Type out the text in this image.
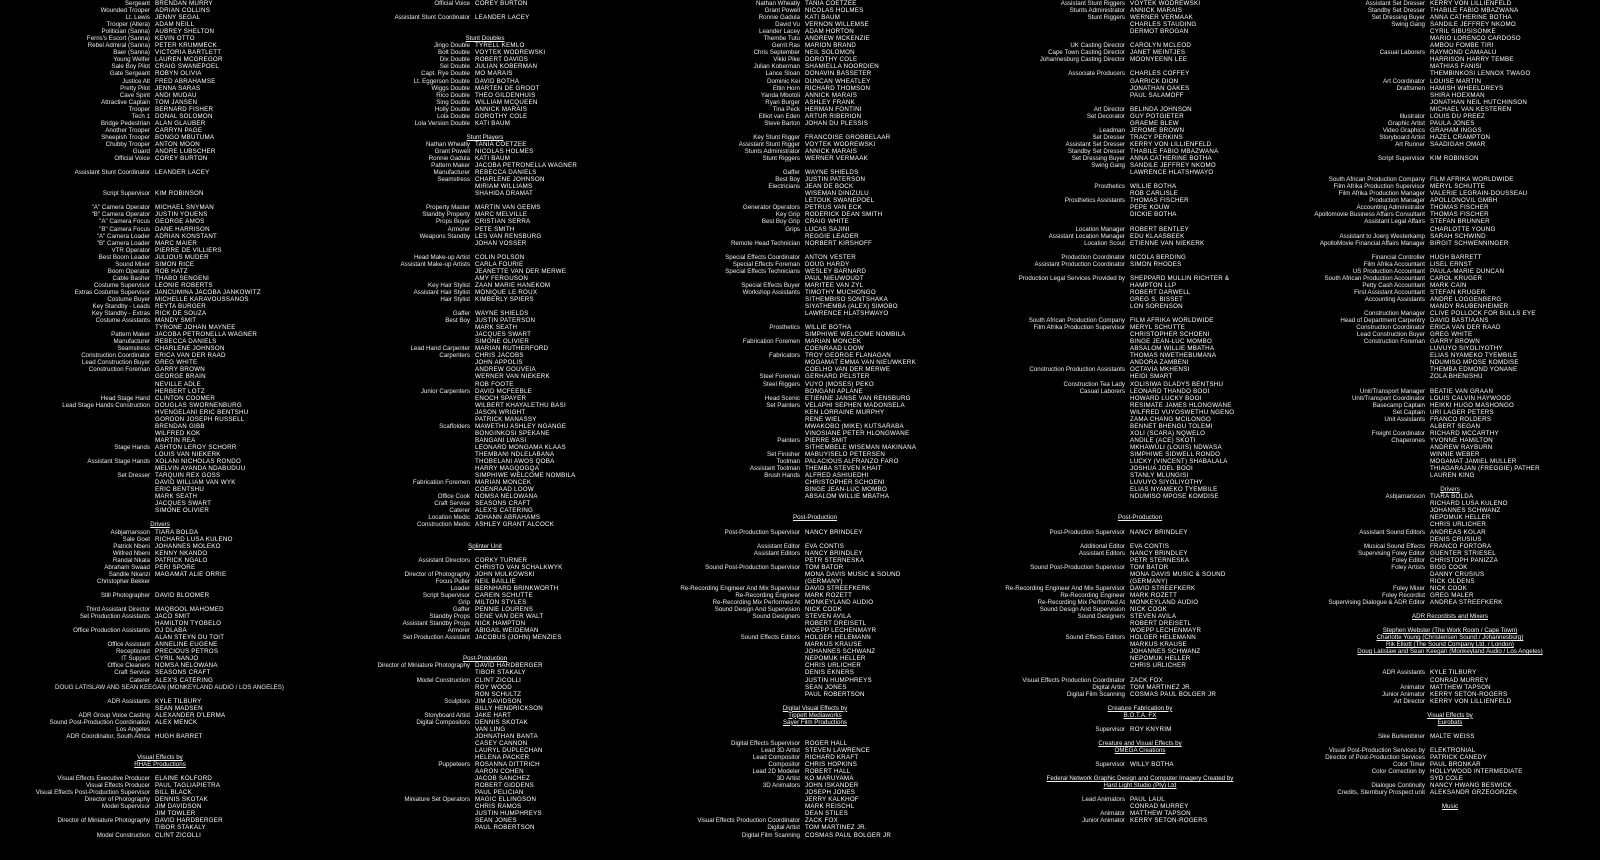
Sergeant BRENDAN MURRY
Wounded Trooper ADRIAN COLLINS
Lt. Lewis JENNY SEGAL
Trooper (Altera) ADAM NEILL
Politician (Sanna) AUBREY SHELTON
Ferris's Escort (Sanna) KEVIN OTTO
Rebel Admiral (Sanna) PETER KRUMMECK
Baer (Sanna) VICTORIA BARTLETT
Young Welfer LAUREN MCGREGOR
Sale Boy Pilot CRAIG SWANEPOEL
Gate Sergeant ROBYN OLIVIA
Justice Alt FRED ABRAHAMSE
Pretty Pilot JENNA SARAS
Cave Spirit ANDI MUDAU
Attractive Captain TOM JANSEN
Trooper BERNARD FISHER
Tech 1 DONAL SOLOMON
Bridge Pedestrian ALAN GLAUBER
Another Trooper CARRYN PAGE
Sheepish Trooper BONGO MBUTUMA
Chubby Trooper ANTON MOON
Guard ANDRE LUBSCHER
Official Voice COREY BURTON
Assistant Stunt Coordinator LEANDER LACEY
Script Supervisor KIM ROBINSON
"A" Camera Operator MICHAEL SNYMAN
"B" Camera Operator JUSTIN YOUENS
"A" Camera Focus GEORGE AMOS
"B" Camera Focus DANE HARRISON
"A" Camera Loader ADRIAN KONSTANT
"B" Camera Loader MARC MAIER
VTR Operator PIERRE DE VILLIERS
Best Boom Leader JULIOUS MUDER
Sound Mixer SIMON RICE
Boom Operator ROB HATZ
Cable Basher THABO SENGENI
Costume Supervisor LEONIE ROBERTS
Extras Costume Supervisor JANCUMINA JACOBA JANKOWITZ
Costume Buyer MICHELLE KARAVOUSSANOS
Key Standby - Leads REYTA BURGER
Key Standby - Extras RICK DE SOUZA
Costume Assistants MANDY SMIT
TYRONE JOHAN MAYNEE
Pattern Maker JACOBA PETRONELLA WAGNER
Manufacturer REBECCA DANIELS
Seamstress CHARLENE JOHNSON
Construction Coordinator ERICA VAN DER RAAD
Lead Construction Buyer GREG WHITE
Construction Foreman GARRY BROWN
GEORGE BRAIN
NEVILLE ADLE
HERBERT LOTZ
Head Stage Hand CLINTON COOMER
Lead Stage Hands Construction DOUGLAS SWORNENBURG
HVENGELANI ERIC BENTSHU
GORDON JOSEPH RUSSELL
BRENDAN GIBB
WILFRED KOK
MARTIN REA
Stage Hands ASHTON LEROY SCHORR
LOUIS VAN NIEKERK
Assistant Stage Hands XOLANI NICHOLAS RONDO
MELVIN AYANDA NDABUDUU
Set Dresser TARQUIN REX GOSS
DAVID WILLIAM VAN WYK
ERIC BENTSHU
MARK SEATH
JACQUES SWART
SIMONE OLIVIER
Drivers
Asbjarnarsson TIARA BOLDA
Sale Goet RICHARD LUSA KULENO
Patrick Nbeni JOHANNES MOLEKO
Wilfred Nbeni KENNY NKANDO
Randal Nkala PATRICK NGALO
Abraham Swaad PERI SPORE
Sandile Nkanzi MAGAMAT ALIE ORRIE
Christopher Bekker
Still Photographer DAVID BLOOMER
Third Assistant Director MAQBOOL MAHOMED
Set Production Assistants JACO SMIT
HAMILTON TYOBELO
Office Production Assistants OJ DLABA
ALAN STEYN DU TOIT
Office Assistant ANNELINE EUGENE
Receptionist PRECIOUS PETROS
IT Support CYRIL NANJO
Office Cleaners NOMSA NELOWANA
Craft Service SEASONS CRAFT
Caterer ALEX'S CATERING
DOUG LATISLAW AND SEAN KEEGAN (MONKEYLAND AUDIO / LOS ANGELES)
ADR Assistants KYLE TILBURY
SEAN MADSEN
ADR Group Voice Casting ALEXANDER D'LERMA
Sound Post-Production Coordination ALEX MENCK
Los Angeles
ADR Coordinator, South Africa HUGH BARRET
Visual Effects by
RHAE Productions
Visual Effects Executive Producer ELAINE KOLFORD
Visual Effects Producer PAUL TAGLIAPIETRA
Visual Effects Post-Production Supervisor BILL BLACK
Director of Photography DENNIS SKOTAK
Model Supervisor JIM DAVIDSON
JIM TOWLER
Director of Miniature Photography DAVID HARDBERGER
TIBOR STAKALY
Model Construction CLINT ZICOLLI
Official Voice COREY BURTON
Assistant Stunt Coordinator LEANDER LACEY
Stunt Doubles
Jingo Double TYRELL KEMLO
Bolt Double VOYTEK WODREWSKI
Dix Double ROBERT DAVIDS
Sel Double JULIAN KOBERMAN
Capt. Rye Double MO MARAIS
Lt. Eggerson Double DAVID BOTHA
Wiggs Double MARTEN DE GROOT
Rico Double THEO GILDENHUIS
Sing Double WILLIAM MCQUEEN
Holly Double ANNICK MARAIS
Lola Double DOROTHY COLE
Lola Version Double KATI BAUM
Stunt Players
Nathan Wheatly TANIA COETZEE
Grant Powell NICOLAS HOLMES
Ronnie Gadula KATI BAUM
Pattern Maker JACOBA PETRONELLA WAGNER
Manufacturer REBECCA DANIELS
Seamstress CHARLENE JOHNSON
MIRIAM WILLIAMS
SHAHIDA DRAMAT
Property Master MARTIN VAN GEEMS
Standby Property MARC MELVILLE
Props Buyer CRISTIAN SERRA
Armorer PETE SMITH
Weapons Standby LES VAN RENSBURG
JOHAN VOSSER
Head Make-up Artist COLIN POLSON
Assistant Make-up Artists CARLA FOURIE
JEANETTE VAN DER MERWE
AMY FERGUSON
Key Hair Stylist ZAAN MARIE HANEKOM
Assistant Hair Stylist MONIQUE LE ROUX
Hair Stylist KIMBERLY SPIERS
Gaffer WAYNE SHIELDS
Best Boy JUSTIN PATERSON
MARK SEATH
JACQUES SWART
SIMONE OLIVIER
Lead Hand Carpenter MARIAN RUTHERFORD
Carpenters CHRIS JACOBS
JOHN APPOLIS
ANDREW GOUVEIA
WERNER VAN NIEKERK
ROB FOOTE
Junior Carpenters DAVID MCFEEBLE
ENOCH SPAYER
WILBERT KHAYALETHU BASI
JASON WRIGHT
PATRICK MANASSY
Scaffolders MAWETHU ASHLEY NGANGE
BONGINKOSI SPEKANE
BANGANI LWASI
LEONARD MONGAMA KLAAS
THEMBANI NDLELABANA
THOBELANI AWOS QOBA
HARRY MAGQOGQA
SIMPHIWE WELCOME NOMBILA
Fabrication Foremen MARIAN MONCEK
COENRAAD LOOW
Office Cook NOMSA NELOWANA
Craft Service SEASONS CRAFT
Caterer ALEX'S CATERING
Location Medic JOHANN ABRAHAMS
Construction Medic ASHLEY GRANT ALCOCK
Splinter Unit
Assistant Directors CORKY TURNER
CHRISTO VAN SCHALKWYK
Director of Photography JOHN MULKOWSKI
Focus Puller NEIL BAILLIE
Loader BERNHARD BRINKWORTH
Script Supervisor CAREIN SCHUTTE
Grip MILTON STYLES
Gaffer PENNIE LOURENS
Standby Props DENE VAN DER WALT
Assistant Standby Props NICK HAMPTON
Armorer ABIGAIL WEIDEMAN
Set Production Assistant JACOBUS (JOHN) MENZIES
Post-Production
Director of Miniature Photography DAVID HARDBERGER
TIBOR STAKALY
Model Construction CLINT ZICOLLI
ROY WOOD
RON SCHULTZ
Sculptors JIM DAVIDSON
BILLY HENDRICKSON
Storyboard Artist JAKE HART
Digital Compositors DENNIS SKOTAK
VAN LING
JOHNATHAN BANTA
CASEY CANNON
LAURYL DUPLECHAN
HELENA PACKER
Puppeteers ROSANNA DITTRICH
AARON COHEN
JACOB SANCHEZ
ROBERT GIDDENS
PAUL PELICIAN
Miniature Set Operators MAGIC ELLINGSON
CHRIS RAMOS
JUSTIN HUMPHREYS
SEAN JONES
PAUL ROBERTSON
Nathan Wheatly TANIA COETZEE
Grant Powell NICOLAS HOLMES
Ronnie Gadula KATI BAUM
David Vu VERNON WILLEMSE
Leander Lacey ADAM HORTON
Thembe Tutu ANDREW MCKENZIE
Gerrit Ras MARION BRAND
Chris September NEIL SOLOMON
Vikki Pike DOROTHY COLE
Julian Koberman SHAMIELLA NOORDIEN
Lance Sloan DONAVIN BASSETER
Dominic Kei DUNCAN WHEATLEY
Eltin Horn RICHARD THOMSON
Yanda Mbotoli ANNICK MARAIS
Ryan Burger ASHLEY FRANK
Tina Peck HERMAN FONTINI
Elliot van Eden ARTUR RIBERION
Steve Barton JOHAN DU PLESSIS
Key Stunt Rigger FRANCOISE GROBBELAAR
Assistant Stunt Rigger VOYTEK WODREWSKI
Stunts Administrator ANNICK MARAIS
Stunt Riggers WERNER VERMAAK
Gaffer WAYNE SHIELDS
Best Boy JUSTIN PATERSON
Electricians JEAN DE BOCK
WISEMAN DINIZULU
LETOUK SWANEPOEL
Generator Operators PETRUS VAN ECK
Key Grip RODERICK DEAN SMITH
Best Boy Grip CRAIG WHITE
Grips LUCAS SAJINI
REGGIE LEADER
Remote Head Technician NORBERT KIRSHOFF
Special Effects Coordinator ANTON VESTER
Special Effects Foreman DOUG HARDY
Special Effects Technicians WESLEY BARNARD
PAUL NIEUWOUDT
Special Effects Buyer MARITEE VAN ZYL
Workshop Assistants TIMOTHY MUCHONGO
SITHEMBISO SONTSHAKA
SIYATHEMBA (ALEX) SIMOBO
LAWRENCE HLATSHWAYO
Prosthetics WILLIE BOTHA
SIMPHIWE WELCOME NOMBILA
Fabrication Foremen MARIAN MONCEK
COENRAAD LOOW
Fabricators TROY GEORGE FLANAGAN
MOGAMAT EMMA VAN NIEUWKERK
COELHO VAN DER MERWE
Steel Foreman GERHARD PELSTER
Steel Riggers VUYO (MOSES) PEKO
BONGANI APLANE
Head Scenic ETIENNE JANSE VAN RENSBURG
Set Painters VELAPHI SEPHEN MADONSELA
KEN LORRAINE MURPHY
RENE WIEL
MWAKOBO (MIKE) KUTSARABA
VINOSIANE PETER HLONGWANE
Painters PIERRE SMIT
SITHEMBELE WISEMAN MAKINANA
Set Finisher MABUYISELO PETERSEN
Toolman PALACIOUS ALFRANZO FARO
Assistant Toolman THEMBA STEVEN KHAIT
Brush Hands ALFRED ASHIUEDHI
CHRISTOPHER SCHOENI
BINGE JEAN-LUC MOMBO
ABSALOM WILLIE MBATHA
Post-Production
Post-Production Supervisor NANCY BRINDLEY
Assistant Editor EVA CONTIS
Assistant Editors NANCY BRINDLEY
PETR STERNESKA
Sound Post-Production Supervisor TOM BATOR
MONA DAVIS MUSIC & SOUND
(GERMANY)
Re-Recording Engineer And Mix Supervisor DAVID STREEFKERK
Re-Recording Engineer MARK ROZETT
Re-Recording Mix Performed At MONKEYLAND AUDIO
Sound Design And Supervision NICK COOK
Sound Designers STEVEN AVILA
ROBERT DREISETL
WOEPP LECHENMAYR
Sound Effects Editors HOLGER HELEMANN
MARKUS KRAUSE
JOHANNES SCHWANZ
NEPOMUK HELLER
CHRIS URLICHER
DENIS EKNERS
JUSTIN HUMPHREYS
SEAN JONES
PAUL ROBERTSON
Digital Visual Effects by
Tippett Mediaworks
Sayer Film Productions
Digital Effects Supervisor ROGER HALL
Lead 3D Artist STEVEN LAWRENCE
Lead Compositor RICHARD KRAFT
Compositor CHRIS HOPKINS
Lead 2D Modeler ROBERT HALL
3D Artist KO MARUYAMA
3D Animators JOHN ISKANDER
JOSEPH JONES
JERRY KALKHOF
MARK REISCHL
DEAN STILES
Visual Effects Production Coordinator ZACK FOX
Digital Artist TOM MARTINEZ JR.
Digital Film Scanning COSMAS PAUL BOLGER JR
Assistant Stunt Riggers VOYTEK WODREWSKI
Stunts Administrator ANNICK MARAIS
Stunt Riggers WERNER VERMAAK
CHARLES STAUDING
DERMOT BROGAN
UK Casting Director CAROLYN MCLEOD
Cape Town Casting Director JANET MEINTJES
Johannesburg Casting Director MOONYEENN LEE
Associate Producers CHARLES COFFEY
GARRICK DION
JONATHAN OAKES
PAUL SALAMOFF
Art Director BELINDA JOHNSON
Set Decorator GUY POTGIETER
GRAEME BLEW
Leadman JEROME BROWN
Set Dresser TRACY PERKINS
Assistant Set Dresser KERRY VON LILLIENFELD
Standby Set Dresser THABILE FABIO MBAZWANA
Set Dressing Buyer ANNA CATHERINE BOTHA
Swing Gang SANDILE JEFFREY NKOMO
LAWRENCE HLATSHWAYO
Prosthetics WILLIE BOTHA
ROB CARLISLE
Prosthetics Assistants THOMAS FISCHER
PEPE KOUW
DICKIE BOTHA
Location Manager ROBERT BENTLEY
Assistant Location Manager EDU KLAASBEEK
Location Scout ETIENNE VAN NIEKERK
Production Coordinator NICOLA BERDING
Assistant Production Coordinator SIMON RHODES
Production Legal Services Provided by SHEPPARD MULLIN RICHTER &
HAMPTON LLP
ROBERT DARWELL
GREG S. BISSET
LON SORENSON
South African Production Company FILM AFRIKA WORLDWIDE
Film Afrika Production Supervisor MERYL SCHUTTE
CHRISTOPHER SCHOENI
BINGE JEAN-LUC MOMBO
ABSALOM WILLIE MBATHA
THOMAS NWETHEBUMANA
ANDORA ZAMBENI
Construction Production Assistants OCTAVIA MKHENSI
HEIDI SMART
Construction Tea Lady XOLISIWA GLADYS BENTSHU
Casual Laborers LEONARD THANDO BOOI
HOWARD LUCKY BOOI
RESIMATE JAMES HLONGWANE
WILFRED VUYOSWETHU NGENO
ZAMA CHANG MCILONGO
BENNET BHENGU TOLEMI
XOLI (SCARA) NQWELO
ANDILE (ACE) SKOTI
MKHAWULI (LOUIS) NDWASA
SIMPHIWE SIDWELL RONDO
LUCKY (VINCENT) SHABALALA
JOSHUA JOEL BOOI
STANLY MLUNGISI
LUVUYO SIYOLIYOTHY
ELIAS NYAMEKO TYEMBILE
NDUMISO MPOSE KOMDISE
Post-Production
Post-Production Supervisor NANCY BRINDLEY
Additional Editor EVA CONTIS
Assistant Editors NANCY BRINDLEY
PETR STERNESKA
Sound Post-Production Supervisor TOM BATOR
MONA DAVIS MUSIC & SOUND
(GERMANY)
Re-Recording Engineer And Mix Supervisor DAVID STREEFKERK
Re-Recording Engineer MARK ROZETT
Re-Recording Mix Performed At MONKEYLAND AUDIO
Sound Design And Supervision NICK COOK
Sound Designers STEVEN AVILA
ROBERT DREISETL
WOEPP LECHENMAYR
Sound Effects Editors HOLGER HELEMANN
MARKUS KRAUSE
JOHANNES SCHWANZ
NEPOMUK HELLER
CHRIS URLICHER
Visual Effects Production Coordinator ZACK FOX
Digital Artist TOM MARTINEZ JR.
Digital Film Scanning COSMAS PAUL BOLGER JR
Creature Fabrication by
B.O.T.A. FX
Supervisor ROY KNYRIM
Creature and Visual Effects by
OMEGA Creations
Supervisor WILLY BOTHA
Federal Network Graphic Design and Computer Imagery Created by
Hard Light Studio (Pty) Ltd
Lead Animators PAUL LAUL
CONRAD MURREY
Animator MATTHEW TAPSON
Junior Animator KERRY SETON-ROGERS
Assistant Set Dresser KERRY VON LILLIENFELD
Standby Set Dresser THABILE FABIO MBAZWANA
Set Dressing Buyer ANNA CATHERINE BOTHA
Swing Gang SANDILE JEFFREY NKOMO
CYRIL SIBUSISONKE
MARIO LORENCO CARDOSO
AMBOU FOMBE TIRI
Casual Laborers RAYMOND CAMAALU
HARRISON HARRY TEMBE
MATHIAS FANISI
THEMBINKOSI LENNOX TWAGO
Art Coordinator LOUISE MARTIN
Draftsmen HAMISH WHEELDREYS
SHIRA HOEXMAN
JONATHAN NEIL HUTCHINSON
MICHAEL VAN KESTEREN
Illustrator LOUIS DU PREEZ
Graphic Artist PAULA JONES
Video Graphics GRAHAM INGGS
Storyboard Artist HAZEL CRAMPTON
Art Runner SAADIGAH OMAR
Script Supervisor KIM ROBINSON
South African Production Company FILM AFRIKA WORLDWIDE
Film Afrika Production Supervisor MERYL SCHUTTE
Film Afrika Production Manager VALERIE LEGRAIN-DOUSSEAU
Production Manager APOLLONOVIL GMBH
Accounting Administrator THOMAS FISCHER
Apollomovie Business Affairs Consultant THOMAS FISCHER
Assistant Legal Affairs STEFAN BRUNNER
CHARLOTTE YOUNG
Assistant to Joerg Westerkamp SARAH SCHWIND
ApolloMovie Financial Affairs Manager BIRGIT SCHWENNINGER
Financial Controller HUGH BARRETT
Film Afrika Accountant LISEL ERNST
US Production Accountant PAULA-MARIE DUNCAN
South African Production Accountant CAROL KRUGER
Petty Cash Accountant MARK CAIN
First Assistant Accountant STEFAN KRUGER
Accounting Assistants ANDRE LOGGENBERG
MANDY RAUBENHEIMER
Construction Manager CLIVE POLLOCK FOR BULLS EYE
Head of Department Carpentry DAVID BASTIAANS
Construction Coordinator ERICA VAN DER RAAD
Lead Construction Buyer GREG WHITE
Construction Foreman GARRY BROWN
LUVUYO SIYOLIYOTHY
ELIAS NYAMEKO TYEMBILE
NDUMISO MPOSE KOMDISE
THEMBA EDMOND YONANE
ZOLA BHENISHU
Unit/Transport Manager BEATIE VAN GRAAN
Unit/Transport Coordinator LOUIS CALVIN HAYWOOD
Basecamp Captain HEIKKI HUGO MASHONGO
Set Captain URI LAGER PETERS
Unit Assistants FRANCO ROLDERS
ALBERT SEGAN
Freight Coordinator RICHARD MCCARTHY
Chaperones YVONNE HAMILTON
ANDREW RAYBURN
WINNIE WEBER
MOGAMAT JAMIEL MULLER
THIAGARAJAN (FREGGIE) PATHER
LAUREN KING
Drivers
Asbjarnarsson TIARA BOLDA
RICHARD LUSA KULENO
JOHANNES SCHWANZ
NEPOMUK HELLER
CHRIS URLICHER
Assistant Sound Editors ANDREAS KOLAR
DENIS CRUSIUS
Musical Sound Effects FRANCO FORTORA
Supervising Foley Editor GUENTER STRIESEL
Foley Editor CHRISTOPH PANIZZA
Foley Artists BIGG COOK
DANNY CRUSIUS
RICK OLDENS
Foley Mixer NICK COOK
Foley Recordist GREG MALER
Supervising Dialogue & ADR Editor ANDREA STREEFKERK
ADR Recordists and Mixers
Stephen Webster (The Work Room / Cape Town)
Charlotte Young (Christensen Sound / Johannesburg)
Rik Elliott (The Sound Company Ltd. / London)
Doug Latislaw and Sean Keegan (Monkeyland Audio / Los Angeles)
ADR Assistants KYLE TILBURY
CONRAD MURREY
Animator MATTHEW TAPSON
Junior Animator KERRY SETON-ROGERS
Art Director KERRY VON LILLIENFELD
Visual Effects by
Eurobats
Sike Burkenbiner MALTE WEISS
Visual Post-Production Services by ELEKTRONIAL
Director of Post-Production Services PATRICK CANEDY
Color Timer PAUL BRONKAR
Color Correction by HOLLYWOOD INTERMEDIATE
SYD COLE
Dialogue Continuity NANCY HWANG BESWICK
Credits, Sternbury Prospect unit ALEKSANDR GRZEGORZEK
Music
